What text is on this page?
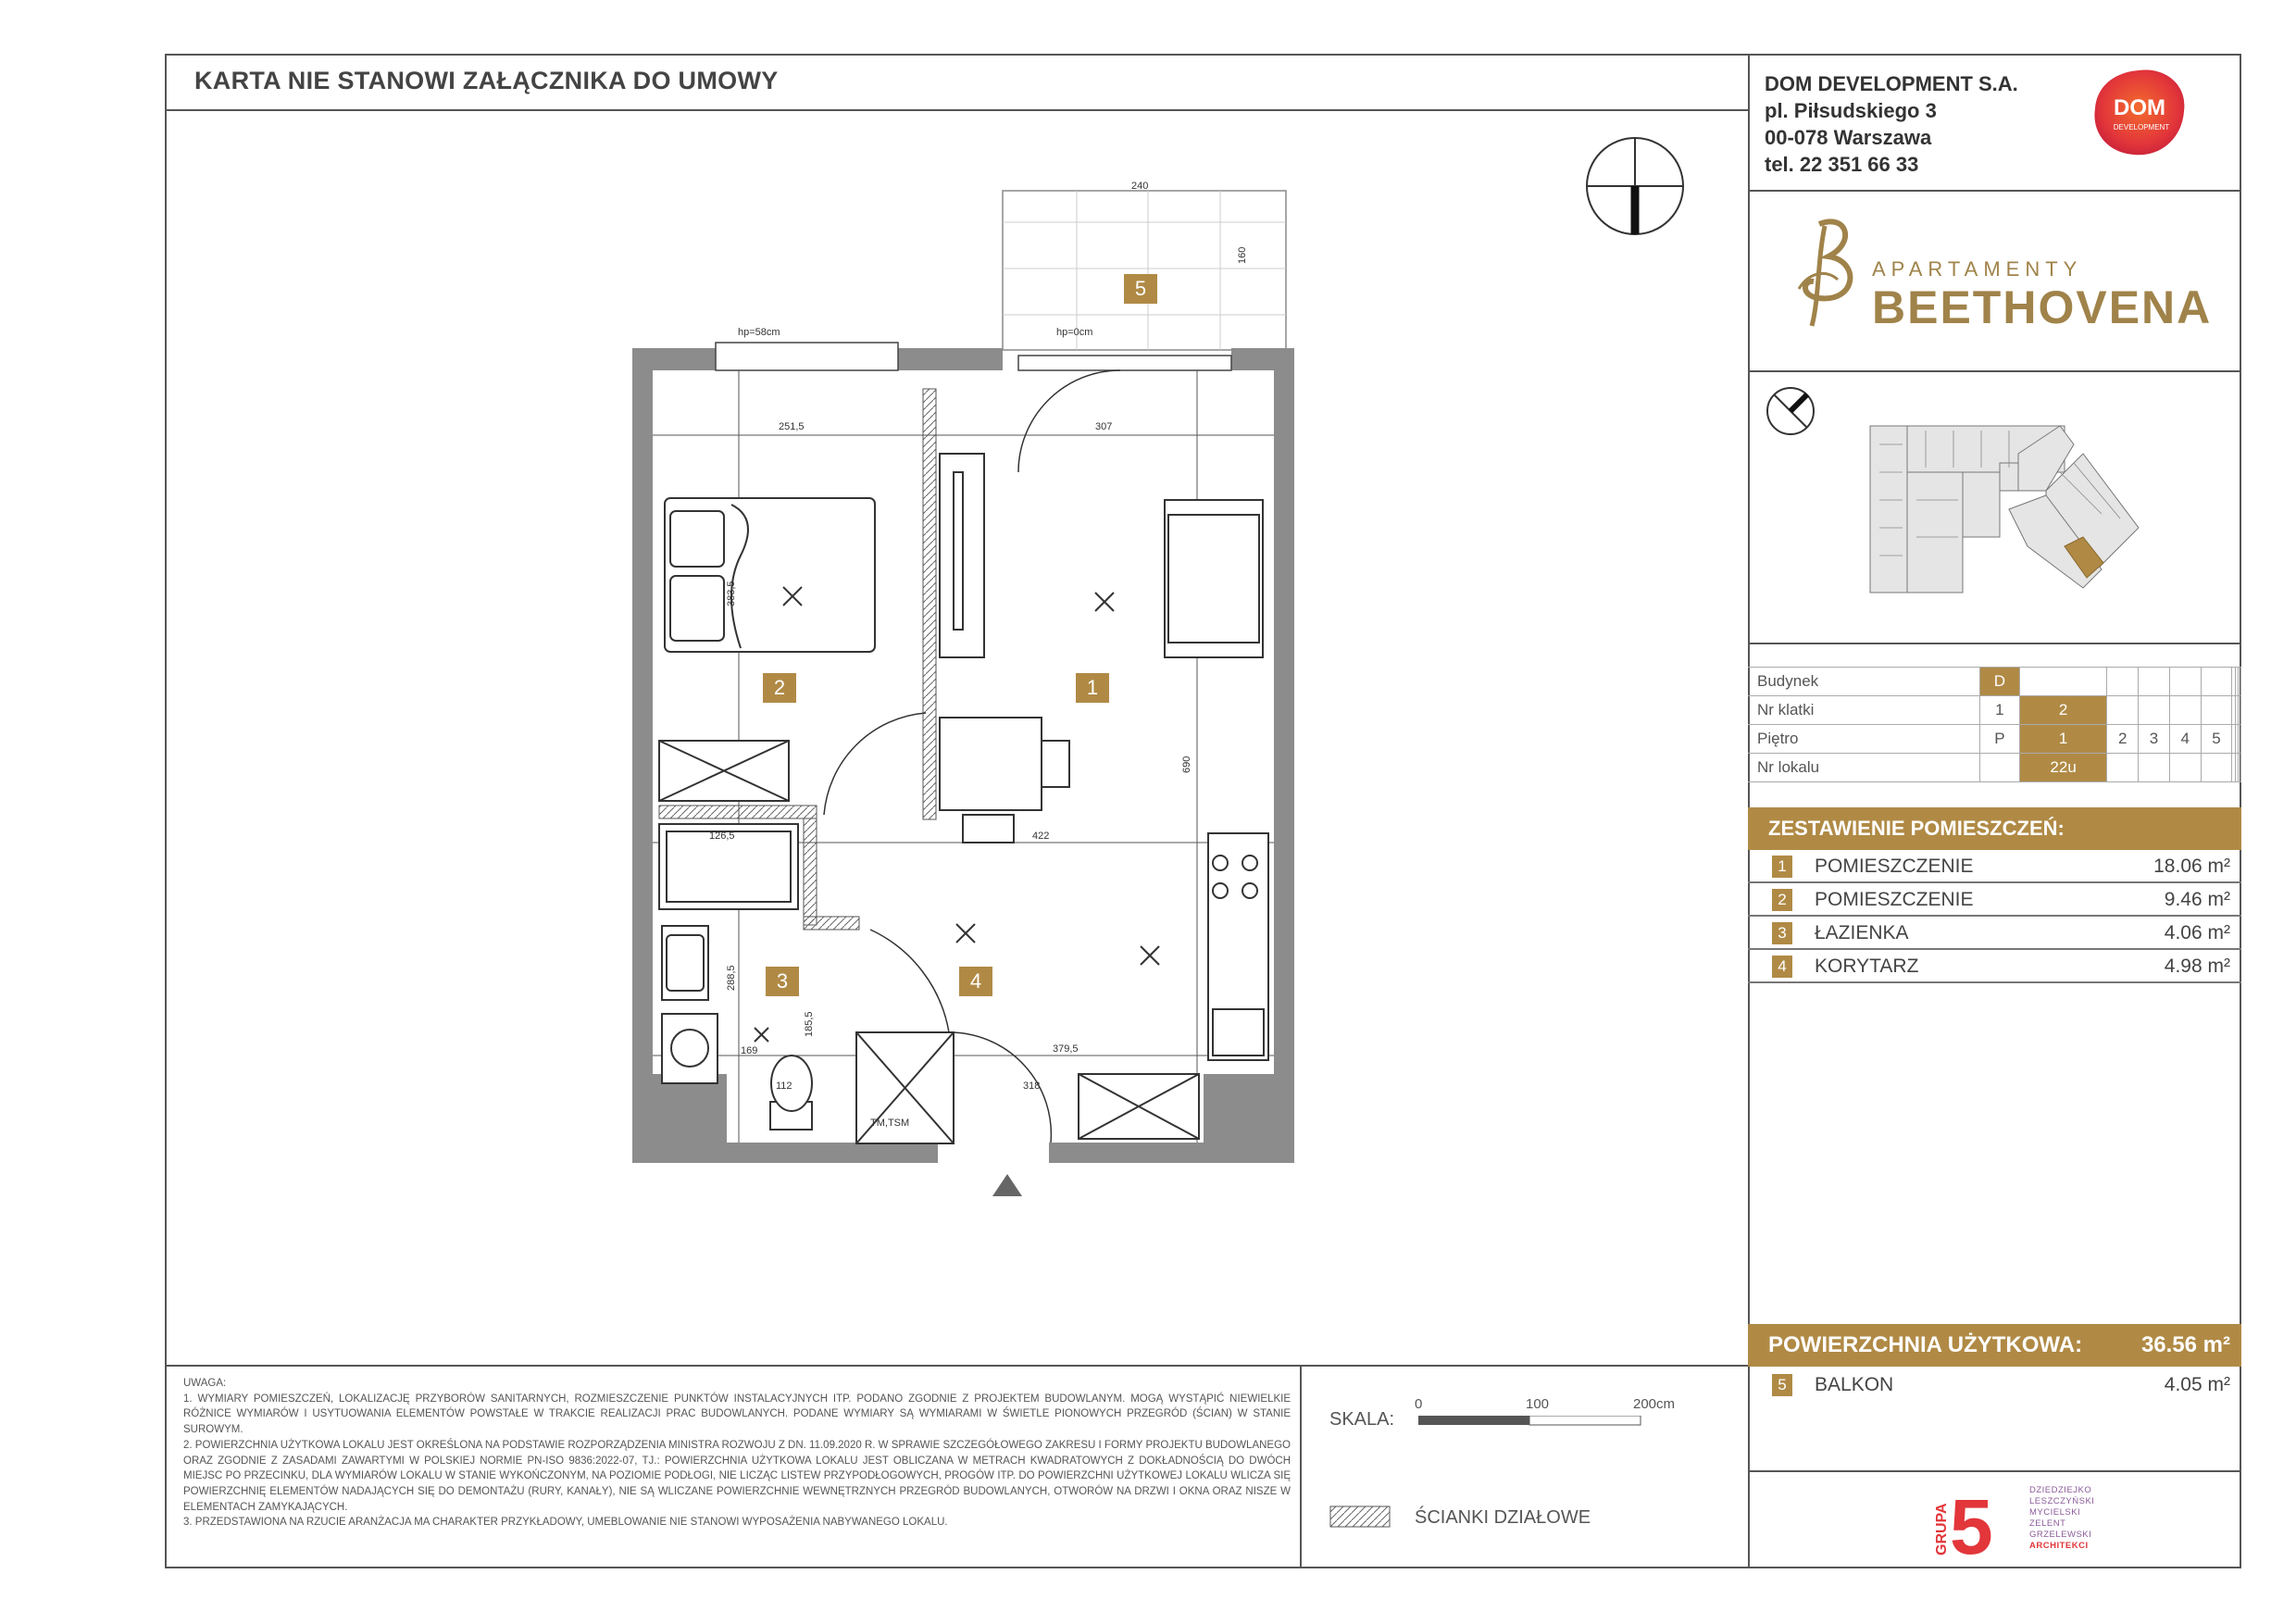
KARTA NIE STANOWI ZAŁĄCZNIKA DO UMOWY	DOM DEVELOPMENT S.A.
pl. Piłsudskiego 3
00-078 Warszawa
tel. 22 351 66 33
DOM
DEVELOPMENT
APARTAMENTY
BEETHOVENA
Budynek	D								
Nr klatki	1	2							
Piętro	P	1	2	3	4	5			
Nr lokalu		22u							
ZESTAWIENIE POMIESZCZEŃ:
1 POMIESZCZENIE	18.06 m²
2 POMIESZCZENIE	9.46 m²
3 ŁAZIENKA	4.06 m²
4 KORYTARZ	4.98 m²
POWIERZCHNIA UŻYTKOWA:	36.56 m²
5 BALKON	4.05 m²

UWAGA:

1. WYMIARY POMIESZCZEŃ, LOKALIZACJĘ PRZYBORÓW SANITARNYCH, ROZMIESZCZENIE PUNKTÓW INSTALACYJNYCH ITP. PODANO ZGODNIE Z PROJEKTEM BUDOWLANYM. MOGĄ WYSTĄPIĆ NIEWIELKIE RÓŻNICE WYMIARÓW I USYTUOWANIA ELEMENTÓW POWSTAŁE W TRAKCIE REALIZACJI PRAC BUDOWLANYCH. PODANE WYMIARY SĄ WYMIARAMI W ŚWIETLE PIONOWYCH PRZEGRÓD (ŚCIAN) W STANIE SUROWYM.

2. POWIERZCHNIA UŻYTKOWA LOKALU JEST OKREŚLONA NA PODSTAWIE ROZPORZĄDZENIA MINISTRA ROZWOJU Z DN. 11.09.2020 R. W SPRAWIE SZCZEGÓŁOWEGO ZAKRESU I FORMY PROJEKTU BUDOWLANEGO ORAZ ZGODNIE Z ZASADAMI ZAWARTYMI W POLSKIEJ NORMIE PN-ISO 9836:2022-07, TJ.: POWIERZCHNIA UŻYTKOWA LOKALU JEST OBLICZANA W METRACH KWADRATOWYCH Z DOKŁADNOŚCIĄ DO DWÓCH MIEJSC PO PRZECINKU, DLA WYMIARÓW LOKALU W STANIE WYKOŃCZONYM, NA POZIOMIE PODŁOGI, NIE LICZĄC LISTEW PRZYPODŁOGOWYCH, PROGÓW ITP. DO POWIERZCHNI UŻYTKOWEJ LOKALU WLICZA SIĘ POWIERZCHNIĘ ELEMENTÓW NADAJĄCYCH SIĘ DO DEMONTAŻU (RURY, KANAŁY), NIE SĄ WLICZANE POWIERZCHNIE WEWNĘTRZNYCH PRZEGRÓD BUDOWLANYCH, OTWORÓW NA DRZWI I OKNA ORAZ NISZE W ELEMENTACH ZAMYKAJĄCYCH.

3. PRZEDSTAWIONA NA RZUCIE ARANŻACJA MA CHARAKTER PRZYKŁADOWY, UMEBLOWANIE NIE STANOWI WYPOSAŻENIA NABYWANEGO LOKALU.

SKALA:
0	100	200cm
ŚCIANKI DZIAŁOWE	GRUPA 5	DZIEDZIEJKO
LESZCZYŃSKI
MYCIELSKI
ZELENT
GRZELEWSKI
ARCHITEKCI
240
160
hp=58cm	hp=0cm
251,5	307
383,5
690
126,5	422
288,5
185,5
169
112
379,5
318
TM,TSM
1
2
3	4
5
